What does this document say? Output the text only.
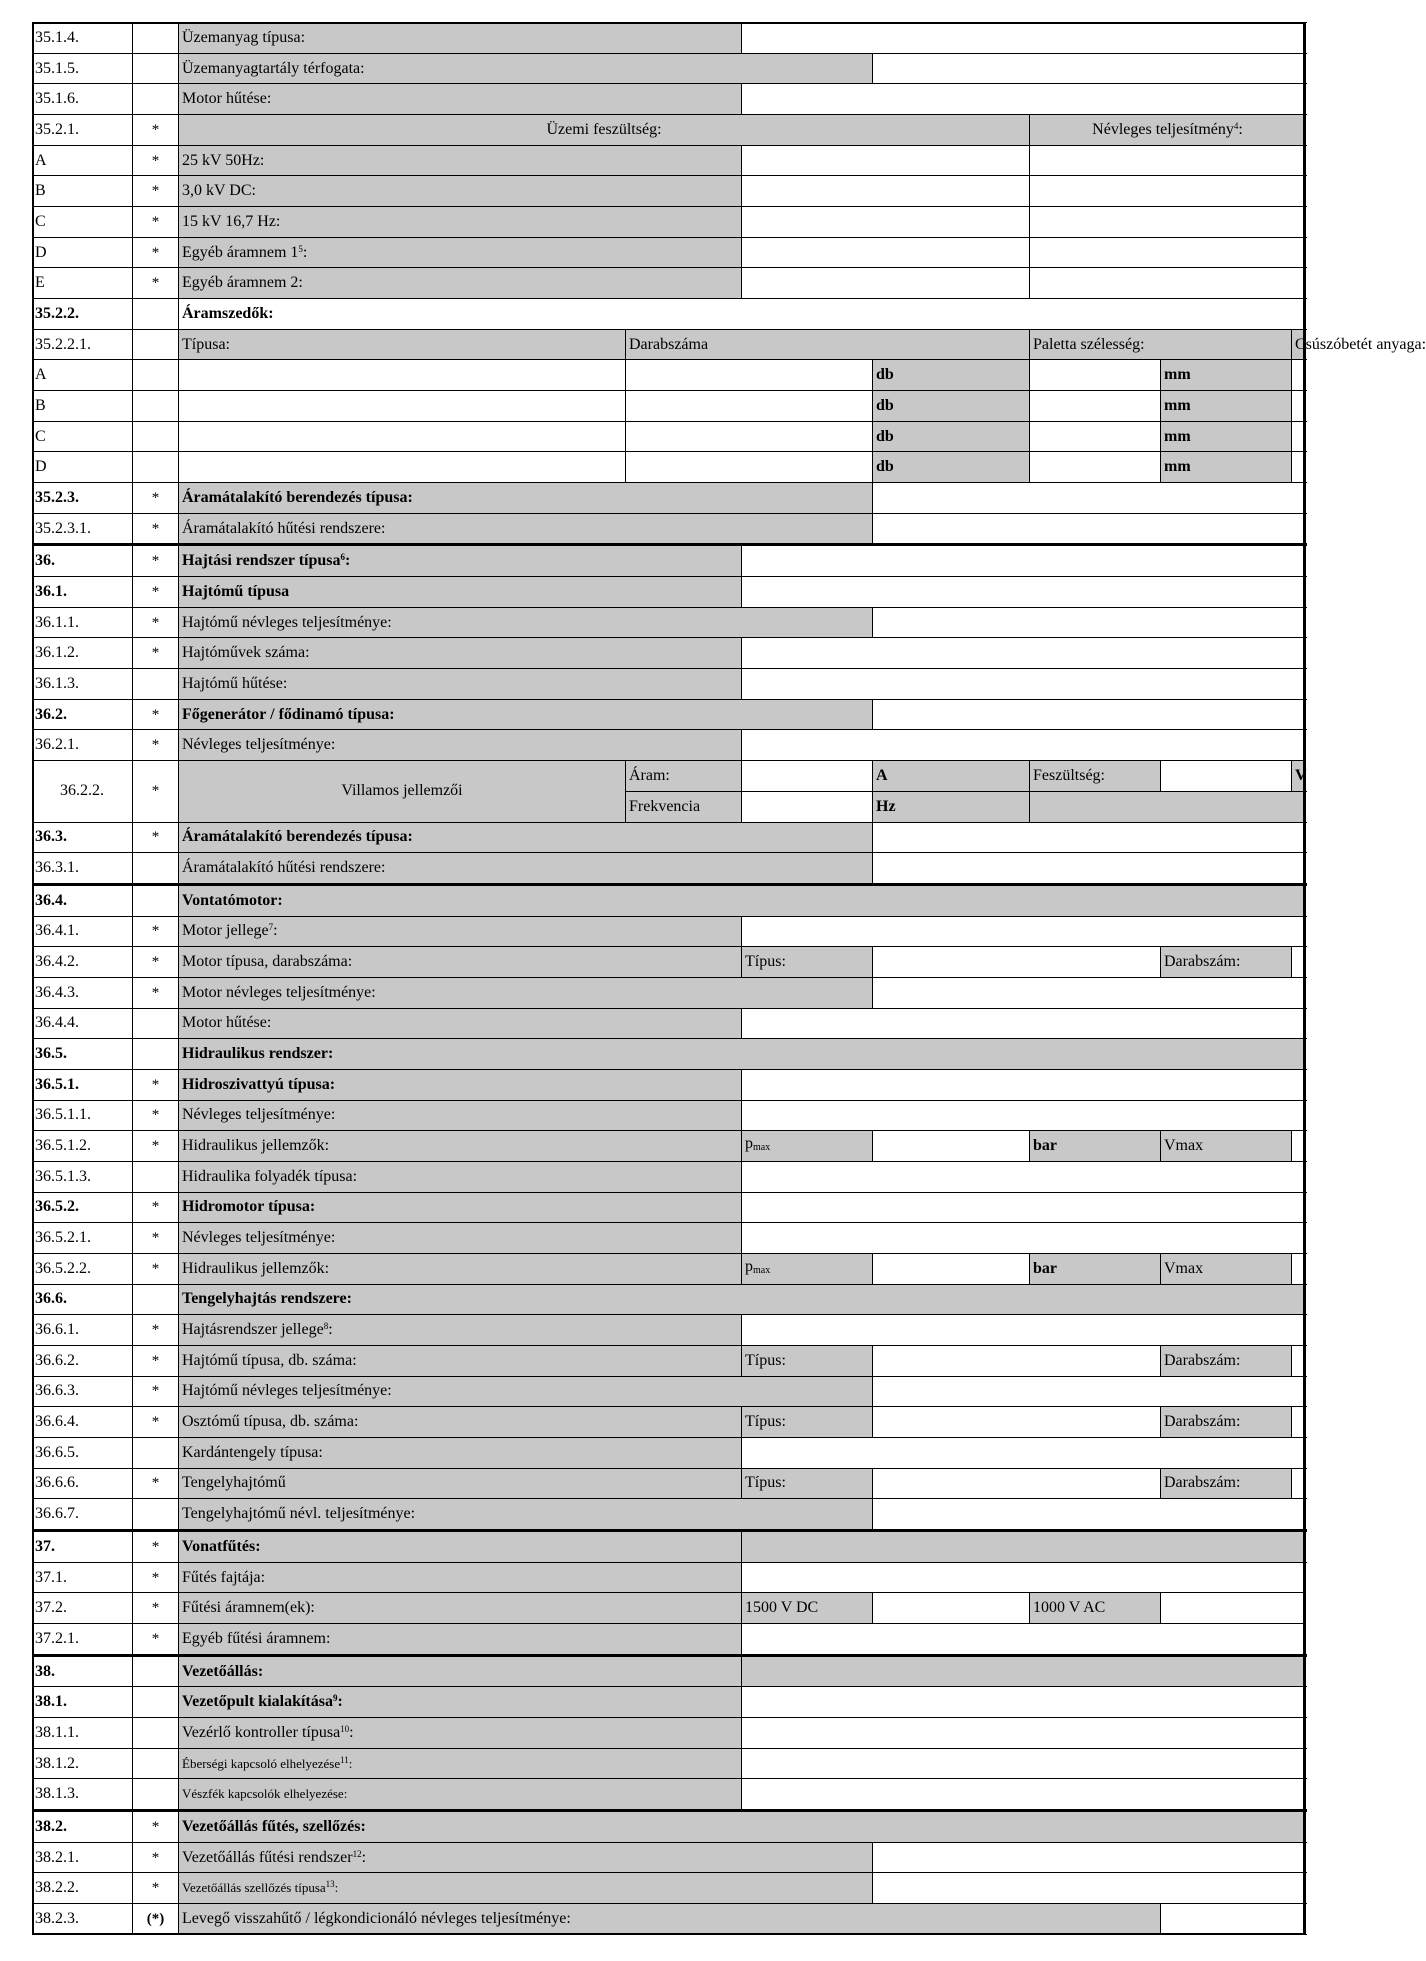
35.1.4.		Üzemanyag típusa:							
35.1.5.		Üzemanyagtartály térfogata:		
35.1.6.		Motor hűtése:							
35.2.1.	*	Üzemi feszültség:				Névleges teljesítmény$^4$:			
A	*	25 kV 50Hz:			
B	*	3,0 kV DC:			
C	*	15 kV 16,7 Hz:			
D	*	Egyéb áramnem $1^5$:			
E	*	Egyéb áramnem 2:			
35.2.2.		Áramszedők:							
35.2.2.1.		Típusa:	Darabszáma			Paletta szélesség:		Csúszóbetét anyaga:	
A					db		mm		
B					db		mm		
C					db		mm		
D					db		mm		
35.2.3.	*	Áramátalakító berendezés típusa:							
35.2.3.1.	*	Áramátalakító hűtési rendszere:							
36.	*	Hajtási rendszer típusa$^6$:							
36.1.	*	Hajtómű típusa							
36.1.1.	*	Hajtómű névleges teljesítménye:		
36.1.2.	*	Hajtóművek száma:							
36.1.3.		Hajtómű hűtése:							
36.2.	*	Főgenerátor / fődinamó típusa:							
36.2.1.	*	Névleges teljesítménye:		
36.2.2.	*	Villamos jellemzői	Áram:		A	Feszültség:		V	
			Frekvencia		Hz				
36.3.	*	Áramátalakító berendezés típusa:							
36.3.1.		Áramátalakító hűtési rendszere:							
36.4.		Vontatómotor:							
36.4.1.	*	Motor jellege$^7$:							
36.4.2.	*	Motor típusa, darabszáma:		Típus:			Darabszám:		
36.4.3.	*	Motor névleges teljesítménye:		
36.4.4.		Motor hűtése:							
36.5.		Hidraulikus rendszer:							
36.5.1.	*	Hidroszivattyú típusa:							
36.5.1.1.	*	Névleges teljesítménye:		
36.5.1.2.	*	Hidraulikus jellemzők:		$p_{max}$		bar	Vmax		
36.5.1.3.		Hidraulika folyadék típusa:							
36.5.2.	*	Hidromotor típusa:							
36.5.2.1.	*	Névleges teljesítménye:		
36.5.2.2.	*	Hidraulikus jellemzők:		$p_{max}$		bar	Vmax		
36.6.		Tengelyhajtás rendszere:							
36.6.1.	*	Hajtásrendszer jellege$^8$:							
36.6.2.	*	Hajtómű típusa, db. száma:		Típus:			Darabszám:		
36.6.3.	*	Hajtómű névleges teljesítménye:		
36.6.4.	*	Osztómű típusa, db. száma:		Típus:			Darabszám:		
36.6.5.		Kardántengely típusa:							
36.6.6.	*	Tengelyhajtómű		Típus:			Darabszám:		
36.6.7.		Tengelyhajtómű névl. teljesítménye:		
37.	*	Vonatfűtés:							
37.1.	*	Fűtés fajtája:							
37.2.	*	Fűtési áramnem(ek):		1500 V DC		1000 V AC			
37.2.1.	*	Egyéb fűtési áramnem:							
38.		Vezetőállás:							
38.1.		Vezetőpult kialakítása$^9$:							
38.1.1.		Vezérlő kontroller típusa$^{10}$:							
38.1.2.		Éberségi kapcsoló elhelyezése$^{11}$:							
38.1.3.		Vészfék kapcsolók elhelyezése:							
38.2.	*	Vezetőállás fűtés, szellőzés:							
38.2.1.	*	Vezetőállás fűtési rendszer$^{12}$:							
38.2.2.	*	Vezetőállás szellőzés típusa$^{13}$:							
38.2.3.	(*)	Levegő visszahűtő / légkondicionáló névleges teljesítménye:		
